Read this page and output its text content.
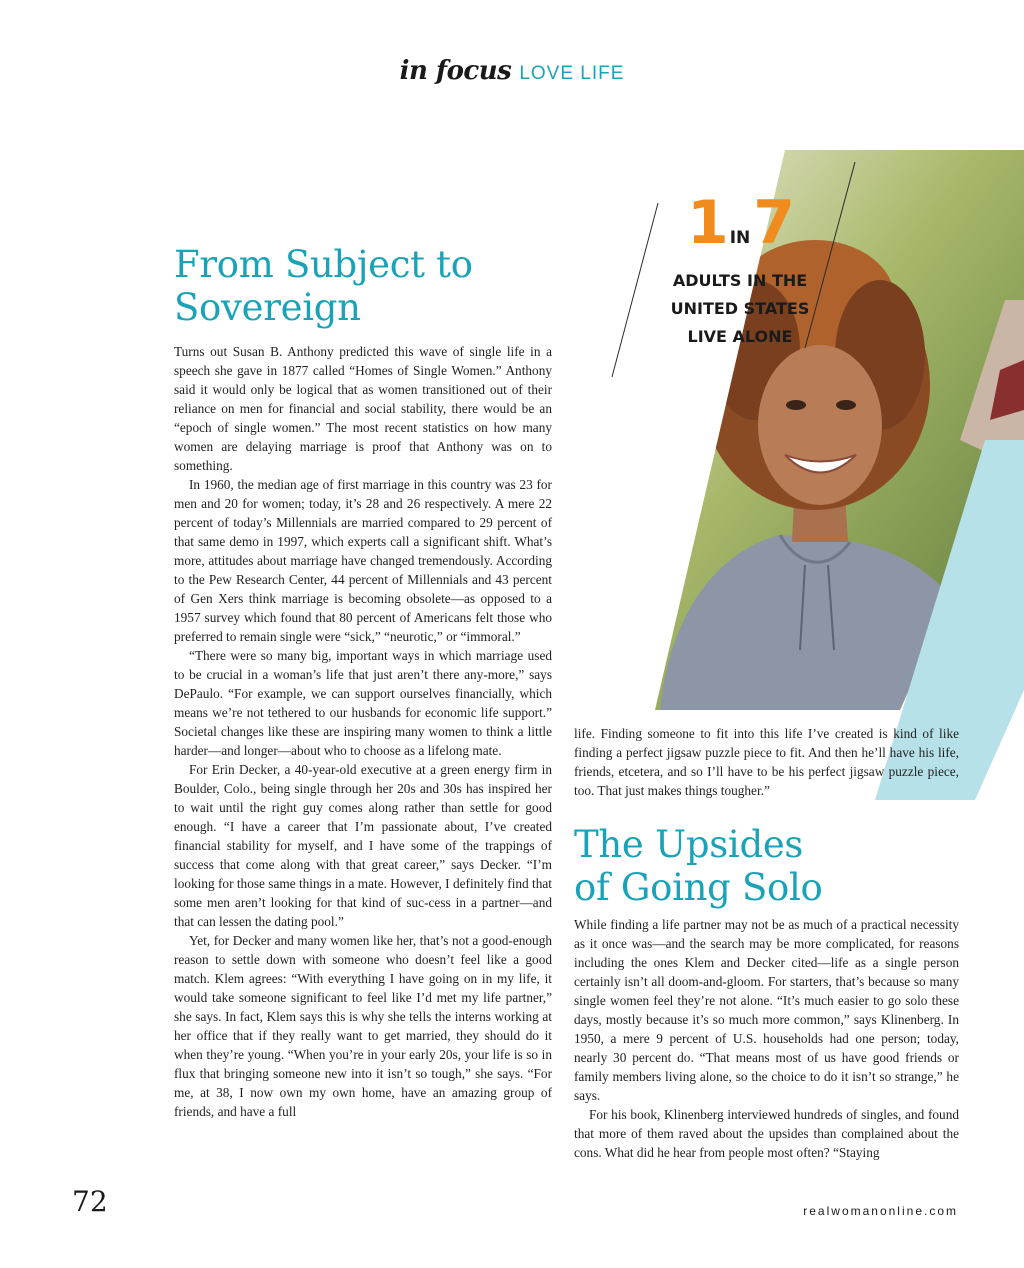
in focus LOVE LIFE
1 IN7
ADULTS IN THE
UNITED STATES
LIVE ALONE
From Subject to
Sovereign

Turns out Susan B. Anthony predicted this wave of single life in a speech she gave in 1877 called “Homes of Single Women.” Anthony said it would only be logical that as women transitioned out of their reliance on men for financial and social stability, there would be an “epoch of single women.” The most recent statistics on how many women are delaying marriage is proof that Anthony was on to something.

In 1960, the median age of first marriage in this country was 23 for men and 20 for women; today, it’s 28 and 26 respectively. A mere 22 percent of today’s Millennials are married compared to 29 percent of that same demo in 1997, which experts call a significant shift. What’s more, attitudes about marriage have changed tremendously. According to the Pew Research Center, 44 percent of Millennials and 43 percent of Gen Xers think marriage is becoming obsolete—as opposed to a 1957 survey which found that 80 percent of Americans felt those who preferred to remain single were “sick,” “neurotic,” or “immoral.”

“There were so many big, important ways in which marriage used to be crucial in a woman’s life that just aren’t there any-more,” says DePaulo. “For example, we can support ourselves financially, which means we’re not tethered to our husbands for economic life support.” Societal changes like these are inspiring many women to think a little harder—and longer—about who to choose as a lifelong mate.

For Erin Decker, a 40-year-old executive at a green energy firm in Boulder, Colo., being single through her 20s and 30s has inspired her to wait until the right guy comes along rather than settle for good enough. “I have a career that I’m passionate about, I’ve created financial stability for myself, and I have some of the trappings of success that come along with that great career,” says Decker. “I’m looking for those same things in a mate. However, I definitely find that some men aren’t looking for that kind of suc-cess in a partner—and that can lessen the dating pool.”

Yet, for Decker and many women like her, that’s not a good-enough reason to settle down with someone who doesn’t feel like a good match. Klem agrees: “With everything I have going on in my life, it would take someone significant to feel like I’d met my life partner,” she says. In fact, Klem says this is why she tells the interns working at her office that if they really want to get married, they should do it when they’re young. “When you’re in your early 20s, your life is so in flux that bringing someone new into it isn’t so tough,” she says. “For me, at 38, I now own my own home, have an amazing group of friends, and have a full

life. Finding someone to fit into this life I’ve created is kind of like finding a perfect jigsaw puzzle piece to fit. And then he’ll have his life, friends, etcetera, and so I’ll have to be his perfect jigsaw puzzle piece, too. That just makes things tougher.”

The Upsides
of Going Solo

While finding a life partner may not be as much of a practical necessity as it once was—and the search may be more complicated, for reasons including the ones Klem and Decker cited—life as a single person certainly isn’t all doom-and-gloom. For starters, that’s because so many single women feel they’re not alone. “It’s much easier to go solo these days, mostly because it’s so much more common,” says Klinenberg. In 1950, a mere 9 percent of U.S. households had one person; today, nearly 30 percent do. “That means most of us have good friends or family members living alone, so the choice to do it isn’t so strange,” he says.

For his book, Klinenberg interviewed hundreds of singles, and found that more of them raved about the upsides than complained about the cons. What did he hear from people most often? “Staying

72	realwomanonline.com
